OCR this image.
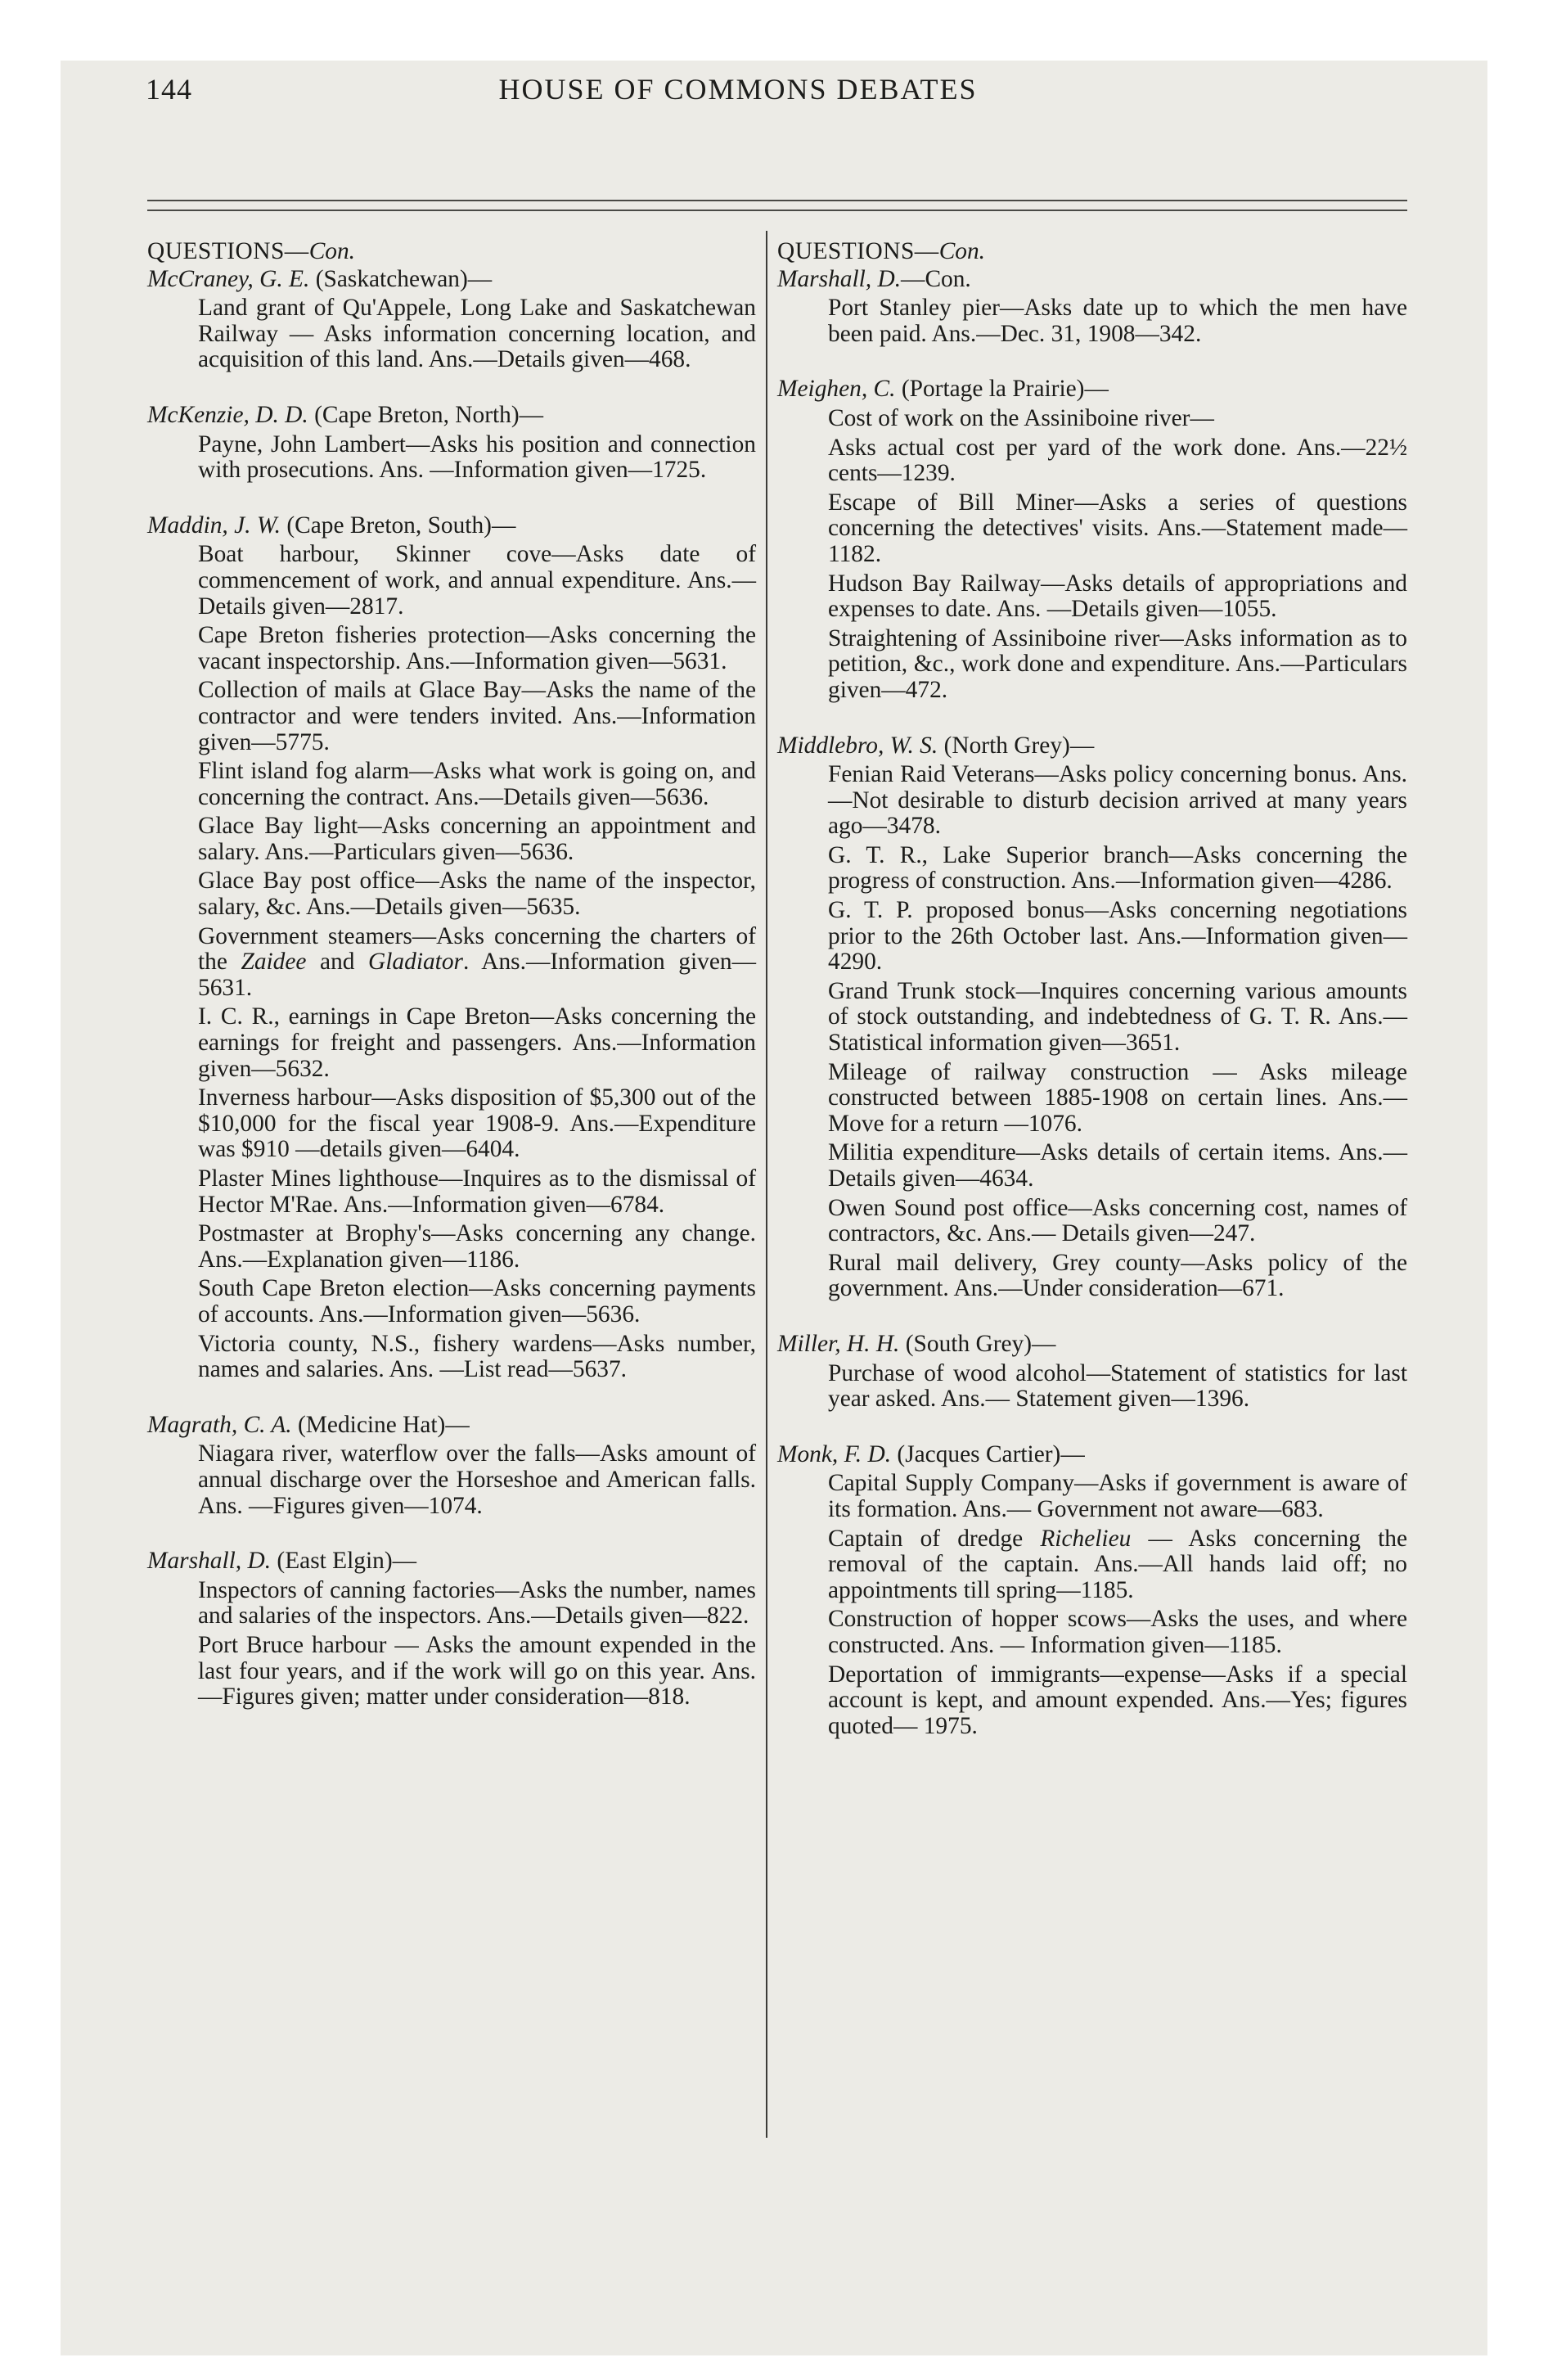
144	HOUSE OF COMMONS DEBATES
QUESTIONS—Con.
McCraney, G. E. (Saskatchewan)—
Land grant of Qu'Appele, Long Lake and Saskatchewan Railway — Asks information concerning location, and acquisition of this land. Ans.—Details given—468.
McKenzie, D. D. (Cape Breton, North)—
Payne, John Lambert—Asks his position and connection with prosecutions. Ans. —Information given—1725.
Maddin, J. W. (Cape Breton, South)—
Boat harbour, Skinner cove—Asks date of commencement of work, and annual expenditure. Ans.—Details given—2817.
Cape Breton fisheries protection—Asks concerning the vacant inspectorship. Ans.—Information given—5631.
Collection of mails at Glace Bay—Asks the name of the contractor and were tenders invited. Ans.—Information given—5775.
Flint island fog alarm—Asks what work is going on, and concerning the contract. Ans.—Details given—5636.
Glace Bay light—Asks concerning an appointment and salary. Ans.—Particulars given—5636.
Glace Bay post office—Asks the name of the inspector, salary, &c. Ans.—Details given—5635.
Government steamers—Asks concerning the charters of the Zaidee and Gladiator. Ans.—Information given—5631.
I. C. R., earnings in Cape Breton—Asks concerning the earnings for freight and passengers. Ans.—Information given—5632.
Inverness harbour—Asks disposition of $5,300 out of the $10,000 for the fiscal year 1908-9. Ans.—Expenditure was $910 —details given—6404.
Plaster Mines lighthouse—Inquires as to the dismissal of Hector M'Rae. Ans.—Information given—6784.
Postmaster at Brophy's—Asks concerning any change. Ans.—Explanation given—1186.
South Cape Breton election—Asks concerning payments of accounts. Ans.—Information given—5636.
Victoria county, N.S., fishery wardens—Asks number, names and salaries. Ans. —List read—5637.
Magrath, C. A. (Medicine Hat)—
Niagara river, waterflow over the falls—Asks amount of annual discharge over the Horseshoe and American falls. Ans. —Figures given—1074.
Marshall, D. (East Elgin)—
Inspectors of canning factories—Asks the number, names and salaries of the inspectors. Ans.—Details given—822.
Port Bruce harbour — Asks the amount expended in the last four years, and if the work will go on this year. Ans.—Figures given; matter under consideration—818.
QUESTIONS—Con.
Marshall, D.—Con.
Port Stanley pier—Asks date up to which the men have been paid. Ans.—Dec. 31, 1908—342.
Meighen, C. (Portage la Prairie)—
Cost of work on the Assiniboine river—
Asks actual cost per yard of the work done. Ans.—22½ cents—1239.
Escape of Bill Miner—Asks a series of questions concerning the detectives' visits. Ans.—Statement made—1182.
Hudson Bay Railway—Asks details of appropriations and expenses to date. Ans. —Details given—1055.
Straightening of Assiniboine river—Asks information as to petition, &c., work done and expenditure. Ans.—Particulars given—472.
Middlebro, W. S. (North Grey)—
Fenian Raid Veterans—Asks policy concerning bonus. Ans.—Not desirable to disturb decision arrived at many years ago—3478.
G. T. R., Lake Superior branch—Asks concerning the progress of construction. Ans.—Information given—4286.
G. T. P. proposed bonus—Asks concerning negotiations prior to the 26th October last. Ans.—Information given—4290.
Grand Trunk stock—Inquires concerning various amounts of stock outstanding, and indebtedness of G. T. R. Ans.— Statistical information given—3651.
Mileage of railway construction — Asks mileage constructed between 1885-1908 on certain lines. Ans.—Move for a return —1076.
Militia expenditure—Asks details of certain items. Ans.—Details given—4634.
Owen Sound post office—Asks concerning cost, names of contractors, &c. Ans.— Details given—247.
Rural mail delivery, Grey county—Asks policy of the government. Ans.—Under consideration—671.
Miller, H. H. (South Grey)—
Purchase of wood alcohol—Statement of statistics for last year asked. Ans.— Statement given—1396.
Monk, F. D. (Jacques Cartier)—
Capital Supply Company—Asks if government is aware of its formation. Ans.— Government not aware—683.
Captain of dredge Richelieu — Asks concerning the removal of the captain. Ans.—All hands laid off; no appointments till spring—1185.
Construction of hopper scows—Asks the uses, and where constructed. Ans. — Information given—1185.
Deportation of immigrants—expense—Asks if a special account is kept, and amount expended. Ans.—Yes; figures quoted— 1975.
